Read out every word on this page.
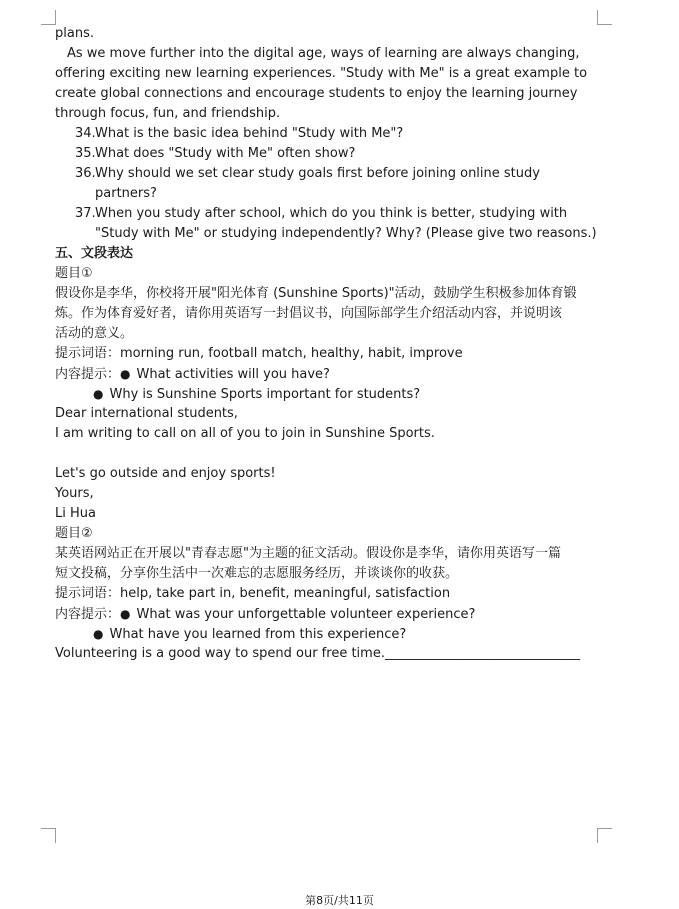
plans.
As we move further into the digital age, ways of learning are always changing,
offering exciting new learning experiences. "Study with Me" is a great example to
create global connections and encourage students to enjoy the learning journey
through focus, fun, and friendship.
34.What is the basic idea behind "Study with Me"?
35.What does "Study with Me" often show?
36.Why should we set clear study goals first before joining online study
partners?
37.When you study after school, which do you think is better, studying with
"Study with Me" or studying independently? Why? (Please give two reasons.)
五、文段表达
题目①
假设你是李华，你校将开展"阳光体育 (Sunshine Sports)"活动，鼓励学生积极参加体育锻
炼。作为体育爱好者，请你用英语写一封倡议书，向国际部学生介绍活动内容，并说明该
活动的意义。
提示词语：morning run, football match, healthy, habit, improve
内容提示：● What activities will you have?
● Why is Sunshine Sports important for students?
Dear international students,
I am writing to call on all of you to join in Sunshine Sports.
Let's go outside and enjoy sports!
Yours,
Li Hua
题目②
某英语网站正在开展以"青春志愿"为主题的征文活动。假设你是李华，请你用英语写一篇
短文投稿，分享你生活中一次难忘的志愿服务经历，并谈谈你的收获。
提示词语：help, take part in, benefit, meaningful, satisfaction
内容提示：● What was your unforgettable volunteer experience?
● What have you learned from this experience?
Volunteering is a good way to spend our free time.______________________________
第8页/共11页
